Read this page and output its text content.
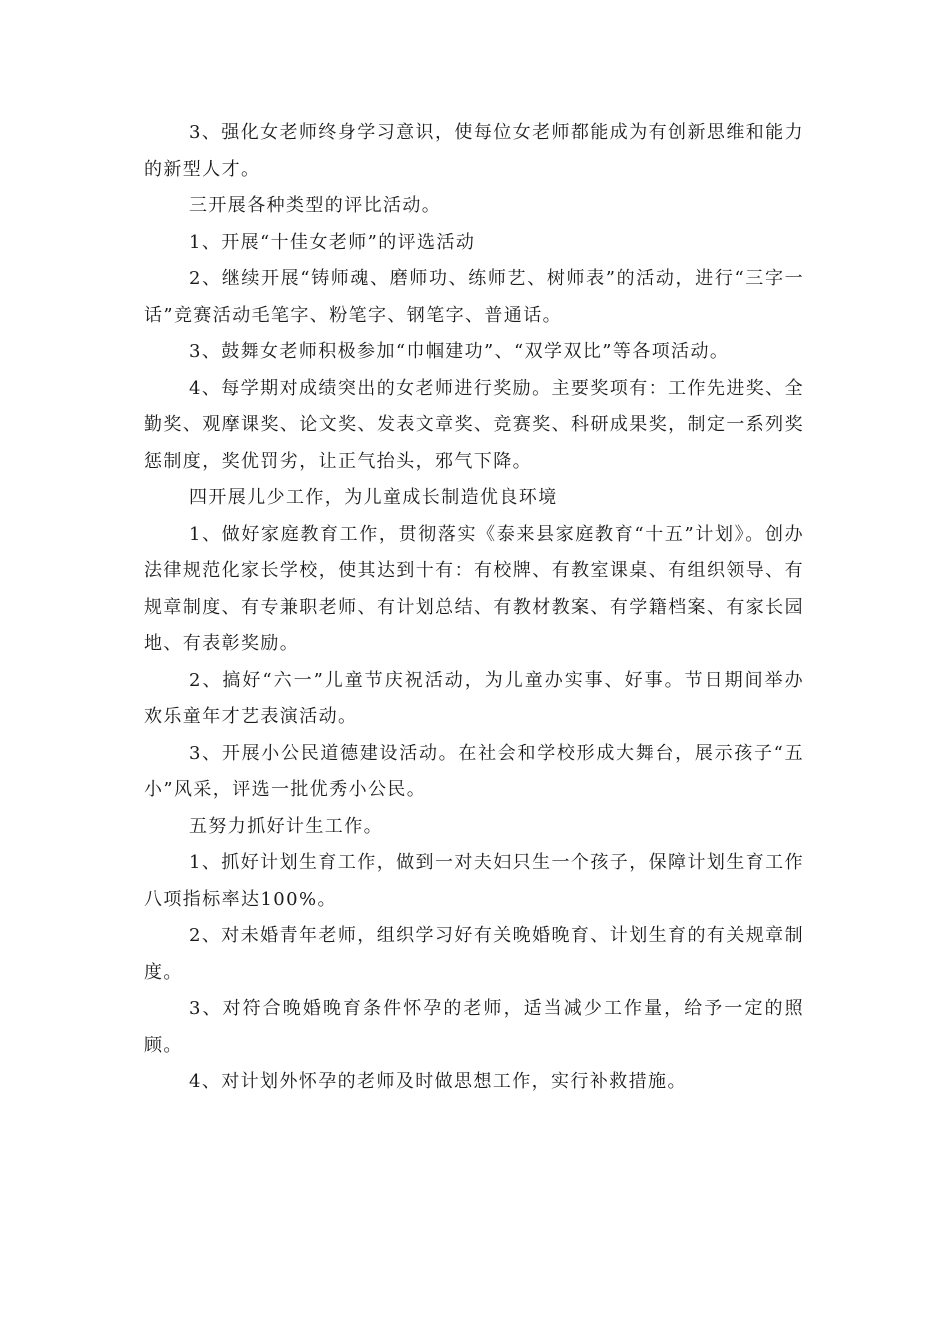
3、强化女老师终身学习意识，使每位女老师都能成为有创新思维和能力的新型人才。

三开展各种类型的评比活动。

1、开展“十佳女老师”的评选活动

2、继续开展“铸师魂、磨师功、练师艺、树师表”的活动，进行“三字一话”竞赛活动毛笔字、粉笔字、钢笔字、普通话。

3、鼓舞女老师积极参加“巾帼建功”、“双学双比”等各项活动。

4、每学期对成绩突出的女老师进行奖励。主要奖项有：工作先进奖、全勤奖、观摩课奖、论文奖、发表文章奖、竞赛奖、科研成果奖，制定一系列奖惩制度，奖优罚劣，让正气抬头，邪气下降。

四开展儿少工作，为儿童成长制造优良环境

1、做好家庭教育工作，贯彻落实《泰来县家庭教育“十五”计划》。创办法律规范化家长学校，使其达到十有：有校牌、有教室课桌、有组织领导、有规章制度、有专兼职老师、有计划总结、有教材教案、有学籍档案、有家长园地、有表彰奖励。

2、搞好“六一”儿童节庆祝活动，为儿童办实事、好事。节日期间举办欢乐童年才艺表演活动。

3、开展小公民道德建设活动。在社会和学校形成大舞台，展示孩子“五小”风采，评选一批优秀小公民。

五努力抓好计生工作。

1、抓好计划生育工作，做到一对夫妇只生一个孩子，保障计划生育工作八项指标率达100%。

2、对未婚青年老师，组织学习好有关晚婚晚育、计划生育的有关规章制度。

3、对符合晚婚晚育条件怀孕的老师，适当减少工作量，给予一定的照顾。

4、对计划外怀孕的老师及时做思想工作，实行补救措施。
